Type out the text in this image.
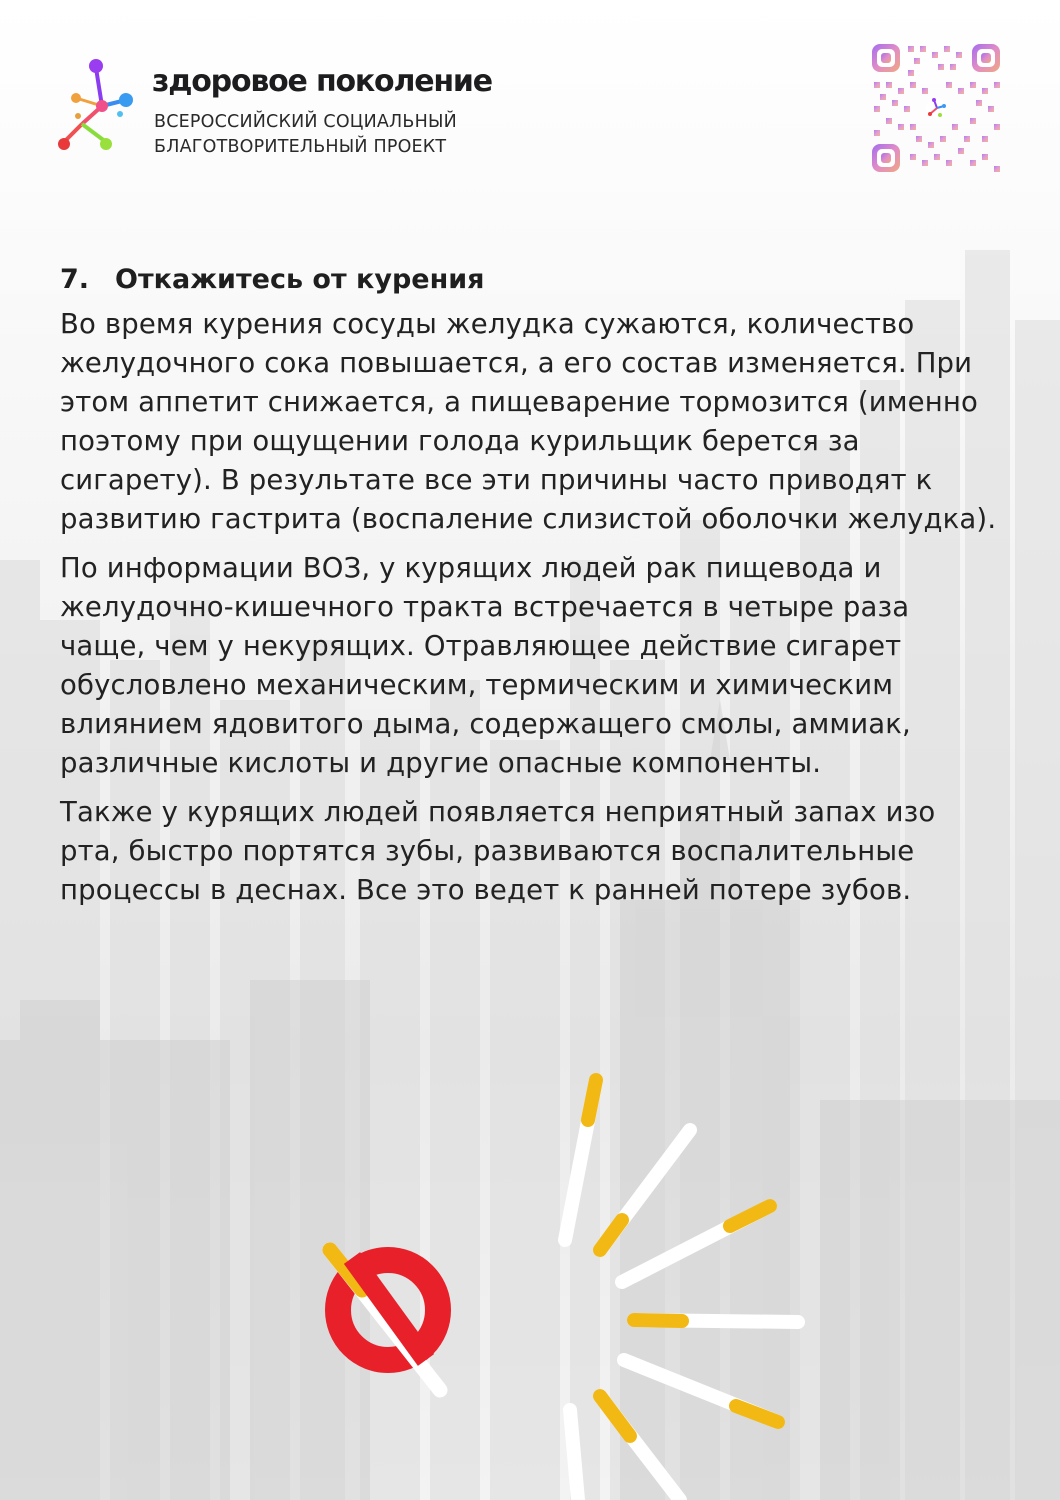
здоровое поколение
ВСЕРОССИЙСКИЙ СОЦИАЛЬНЫЙ
БЛАГОТВОРИТЕЛЬНЫЙ ПРОЕКТ
7. Откажитесь от курения

Во время курения сосуды желудка сужаются, количество желудочного сока повышается, а его состав изменяется. При этом аппетит снижается, а пищеварение тормозится (именно поэтому при ощущении голода курильщик берется за сигарету). В результате все эти причины часто приводят к развитию гастрита (воспаление слизистой оболочки желудка).

По информации ВОЗ, у курящих людей рак пищевода и желудочно-кишечного тракта встречается в четыре раза чаще, чем у некурящих. Отравляющее действие сигарет обусловлено механическим, термическим и химическим влиянием ядовитого дыма, содержащего смолы, аммиак, различные кислоты и другие опасные компоненты.

Также у курящих людей появляется неприятный запах изо рта, быстро портятся зубы, развиваются воспалительные процессы в деснах. Все это ведет к ранней потере зубов.
